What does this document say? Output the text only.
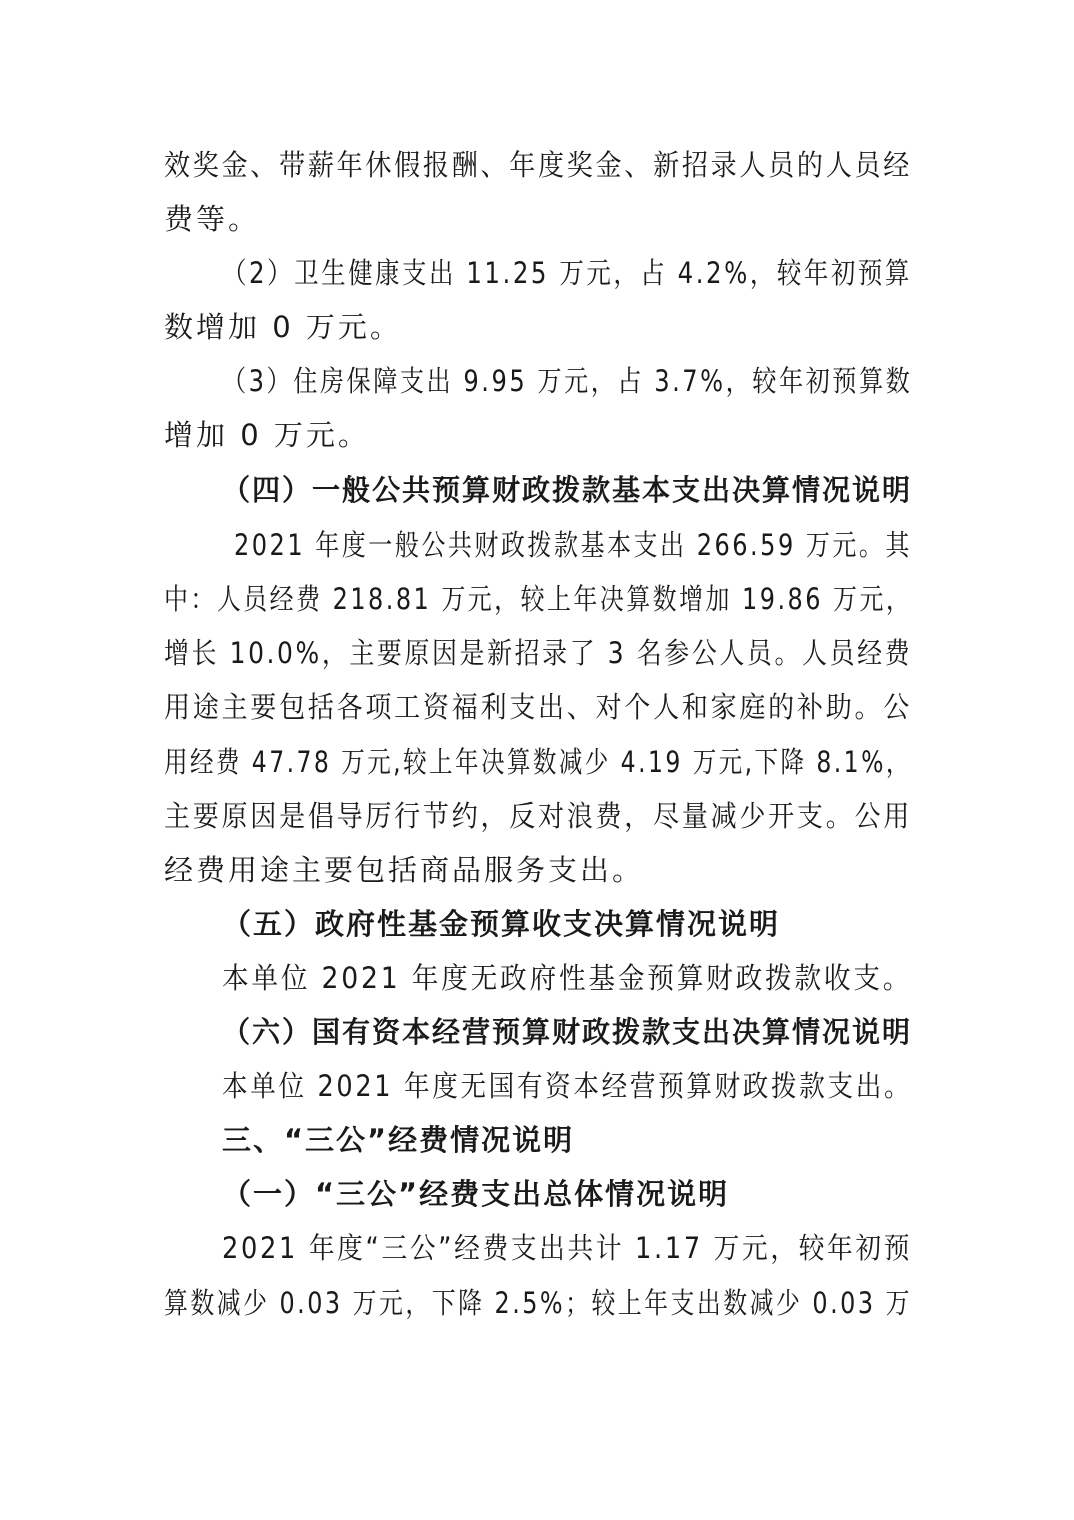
效奖金、带薪年休假报酬、年度奖金、新招录人员的人员经
费等。
（2）卫生健康支出 11.25 万元，占 4.2%，较年初预算
数增加 0 万元。
（3）住房保障支出 9.95 万元，占 3.7%，较年初预算数
增加 0 万元。
（四）一般公共预算财政拨款基本支出决算情况说明
2021 年度一般公共财政拨款基本支出 266.59 万元。其
中：人员经费 218.81 万元，较上年决算数增加 19.86 万元，
增长 10.0%，主要原因是新招录了 3 名参公人员。人员经费
用途主要包括各项工资福利支出、对个人和家庭的补助。公
用经费 47.78 万元,较上年决算数减少 4.19 万元,下降 8.1%，
主要原因是倡导厉行节约，反对浪费，尽量减少开支。公用
经费用途主要包括商品服务支出。
（五）政府性基金预算收支决算情况说明
本单位 2021 年度无政府性基金预算财政拨款收支。
（六）国有资本经营预算财政拨款支出决算情况说明
本单位 2021 年度无国有资本经营预算财政拨款支出。
三、“三公”经费情况说明
（一）“三公”经费支出总体情况说明
2021 年度“三公”经费支出共计 1.17 万元，较年初预
算数减少 0.03 万元，下降 2.5%；较上年支出数减少 0.03 万
